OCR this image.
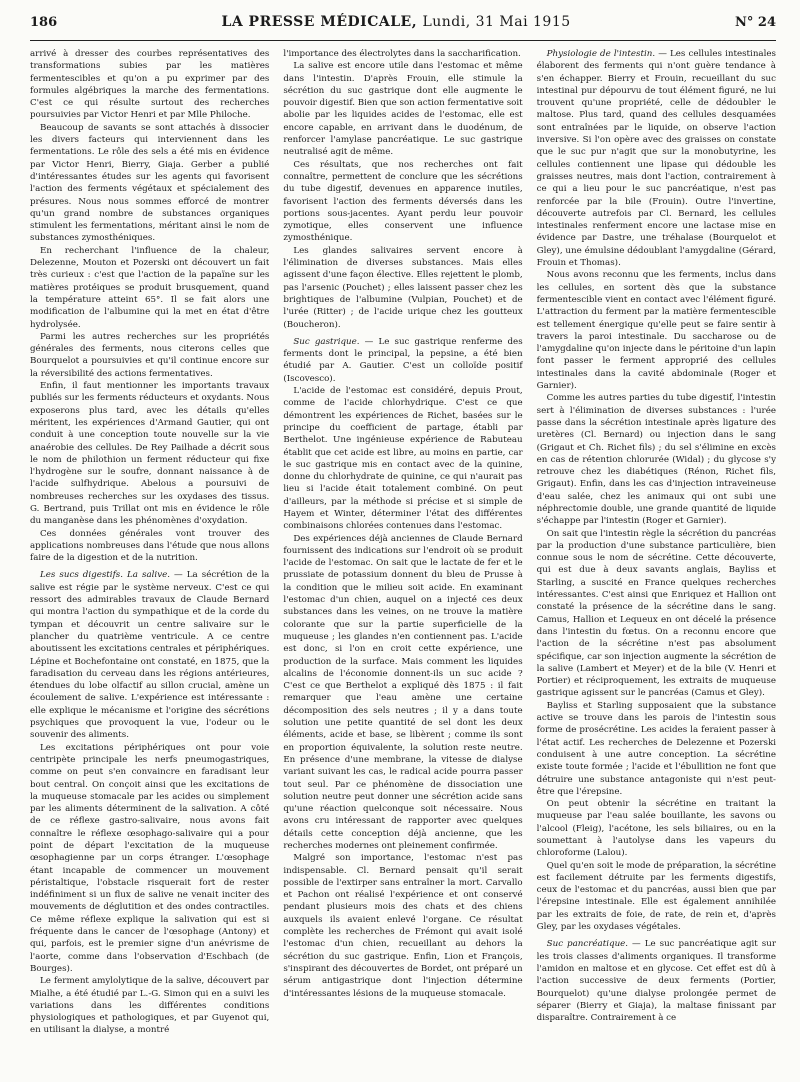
186	LA PRESSE MÉDICALE, Lundi, 31 Mai 1915	N° 24

arrivé à dresser des courbes représentatives des transformations subies par les matières fermentescibles et qu'on a pu exprimer par des formules algébriques la marche des fermentations. C'est ce qui résulte surtout des recherches poursuivies par Victor Henri et par Mlle Philoche.

Beaucoup de savants se sont attachés à dissocier les divers facteurs qui interviennent dans les fermentations. Le rôle des sels a été mis en évidence par Victor Henri, Bierry, Giaja. Gerber a publié d'intéressantes études sur les agents qui favorisent l'action des ferments végétaux et spécialement des présures. Nous nous sommes efforcé de montrer qu'un grand nombre de substances organiques stimulent les fermentations, méritant ainsi le nom de substances zymosthéniques.

En recherchant l'influence de la chaleur, Delezenne, Mouton et Pozerski ont découvert un fait très curieux : c'est que l'action de la papaïne sur les matières protéiques se produit brusquement, quand la température atteint 65°. Il se fait alors une modification de l'albumine qui la met en état d'être hydrolysée.

Parmi les autres recherches sur les propriétés générales des ferments, nous citerons celles que Bourquelot a poursuivies et qu'il continue encore sur la réversibilité des actions fermentatives.

Enfin, il faut mentionner les importants travaux publiés sur les ferments réducteurs et oxydants. Nous exposerons plus tard, avec les détails qu'elles méritent, les expériences d'Armand Gautier, qui ont conduit à une conception toute nouvelle sur la vie anaérobie des cellules. De Rey Pailhade a décrit sous le nom de philothion un ferment réducteur qui fixe l'hydrogène sur le soufre, donnant naissance à de l'acide sulfhydrique. Abelous a poursuivi de nombreuses recherches sur les oxydases des tissus. G. Bertrand, puis Trillat ont mis en évidence le rôle du manganèse dans les phénomènes d'oxydation.

Ces données générales vont trouver des applications nombreuses dans l'étude que nous allons faire de la digestion et de la nutrition.

Les sucs digestifs. La salive. — La sécrétion de la salive est régie par le système nerveux. C'est ce qui ressort des admirables travaux de Claude Bernard qui montra l'action du sympathique et de la corde du tympan et découvrit un centre salivaire sur le plancher du quatrième ventricule. A ce centre aboutissent les excitations centrales et périphériques. Lépine et Bochefontaine ont constaté, en 1875, que la faradisation du cerveau dans les régions antérieures, étendues du lobe olfactif au sillon crucial, amène un écoulement de salive. L'expérience est intéressante : elle explique le mécanisme et l'origine des sécrétions psychiques que provoquent la vue, l'odeur ou le souvenir des aliments.

Les excitations périphériques ont pour voie centripète principale les nerfs pneumogastriques, comme on peut s'en convaincre en faradisant leur bout central. On conçoit ainsi que les excitations de la muqueuse stomacale par les acides ou simplement par les aliments déterminent de la salivation. A côté de ce réflexe gastro-salivaire, nous avons fait connaître le réflexe œsophago-salivaire qui a pour point de départ l'excitation de la muqueuse œsophagienne par un corps étranger. L'œsophage étant incapable de commencer un mouvement péristaltique, l'obstacle risquerait fort de rester indéfiniment si un flux de salive ne venait inciter des mouvements de déglutition et des ondes contractiles. Ce même réflexe explique la salivation qui est si fréquente dans le cancer de l'œsophage (Antony) et qui, parfois, est le premier signe d'un anévrisme de l'aorte, comme dans l'observation d'Eschbach (de Bourges).

Le ferment amylolytique de la salive, découvert par Mialhe, a été étudié par L.-G. Simon qui en a suivi les variations dans les différentes conditions physiologiques et pathologiques, et par Guyenot qui, en utilisant la dialyse, a montré

l'importance des électrolytes dans la saccharification.

La salive est encore utile dans l'estomac et même dans l'intestin. D'après Frouin, elle stimule la sécrétion du suc gastrique dont elle augmente le pouvoir digestif. Bien que son action fermentative soit abolie par les liquides acides de l'estomac, elle est encore capable, en arrivant dans le duodénum, de renforcer l'amylase pancréatique. Le suc gastrique neutralisé agit de même.

Ces résultats, que nos recherches ont fait connaître, permettent de conclure que les sécrétions du tube digestif, devenues en apparence inutiles, favorisent l'action des ferments déversés dans les portions sous-jacentes. Ayant perdu leur pouvoir zymotique, elles conservent une influence zymosthénique.

Les glandes salivaires servent encore à l'élimination de diverses substances. Mais elles agissent d'une façon élective. Elles rejettent le plomb, pas l'arsenic (Pouchet) ; elles laissent passer chez les brightiques de l'albumine (Vulpian, Pouchet) et de l'urée (Ritter) ; de l'acide urique chez les goutteux (Boucheron).

Suc gastrique. — Le suc gastrique renferme des ferments dont le principal, la pepsine, a été bien étudié par A. Gautier. C'est un colloïde positif (Iscovesco).

L'acide de l'estomac est considéré, depuis Prout, comme de l'acide chlorhydrique. C'est ce que démontrent les expériences de Richet, basées sur le principe du coefficient de partage, établi par Berthelot. Une ingénieuse expérience de Rabuteau établit que cet acide est libre, au moins en partie, car le suc gastrique mis en contact avec de la quinine, donne du chlorhydrate de quinine, ce qui n'aurait pas lieu si l'acide était totalement combiné. On peut d'ailleurs, par la méthode si précise et si simple de Hayem et Winter, déterminer l'état des différentes combinaisons chlorées contenues dans l'estomac.

Des expériences déjà anciennes de Claude Bernard fournissent des indications sur l'endroit où se produit l'acide de l'estomac. On sait que le lactate de fer et le prussiate de potassium donnent du bleu de Prusse à la condition que le milieu soit acide. En examinant l'estomac d'un chien, auquel on a injecté ces deux substances dans les veines, on ne trouve la matière colorante que sur la partie superficielle de la muqueuse ; les glandes n'en contiennent pas. L'acide est donc, si l'on en croit cette expérience, une production de la surface. Mais comment les liquides alcalins de l'économie donnent-ils un suc acide ? C'est ce que Berthelot a expliqué dès 1875 : il fait remarquer que l'eau amène une certaine décomposition des sels neutres ; il y a dans toute solution une petite quantité de sel dont les deux éléments, acide et base, se libèrent ; comme ils sont en proportion équivalente, la solution reste neutre. En présence d'une membrane, la vitesse de dialyse variant suivant les cas, le radical acide pourra passer tout seul. Par ce phénomène de dissociation une solution neutre peut donner une sécrétion acide sans qu'une réaction quelconque soit nécessaire. Nous avons cru intéressant de rapporter avec quelques détails cette conception déjà ancienne, que les recherches modernes ont pleinement confirmée.

Malgré son importance, l'estomac n'est pas indispensable. Cl. Bernard pensait qu'il serait possible de l'extirper sans entraîner la mort. Carvallo et Pachon ont réalisé l'expérience et ont conservé pendant plusieurs mois des chats et des chiens auxquels ils avaient enlevé l'organe. Ce résultat complète les recherches de Frémont qui avait isolé l'estomac d'un chien, recueillant au dehors la sécrétion du suc gastrique. Enfin, Lion et François, s'inspirant des découvertes de Bordet, ont préparé un sérum antigastrique dont l'injection détermine d'intéressantes lésions de la muqueuse stomacale.

Physiologie de l'intestin. — Les cellules intestinales élaborent des ferments qui n'ont guère tendance à s'en échapper. Bierry et Frouin, recueillant du suc intestinal pur dépourvu de tout élément figuré, ne lui trouvent qu'une propriété, celle de dédoubler le maltose. Plus tard, quand des cellules desquamées sont entraînées par le liquide, on observe l'action inversive. Si l'on opère avec des graisses on constate que le suc pur n'agit que sur la monobutyrine, les cellules contiennent une lipase qui dédouble les graisses neutres, mais dont l'action, contrairement à ce qui a lieu pour le suc pancréatique, n'est pas renforcée par la bile (Frouin). Outre l'invertine, découverte autrefois par Cl. Bernard, les cellules intestinales renferment encore une lactase mise en évidence par Dastre, une tréhalase (Bourquelot et Gley), une émulsine dédoublant l'amygdaline (Gérard, Frouin et Thomas).

Nous avons reconnu que les ferments, inclus dans les cellules, en sortent dès que la substance fermentescible vient en contact avec l'élément figuré. L'attraction du ferment par la matière fermentescible est tellement énergique qu'elle peut se faire sentir à travers la paroi intestinale. Du saccharose ou de l'amygdaline qu'on injecte dans le péritoine d'un lapin font passer le ferment approprié des cellules intestinales dans la cavité abdominale (Roger et Garnier).

Comme les autres parties du tube digestif, l'intestin sert à l'élimination de diverses substances : l'urée passe dans la sécrétion intestinale après ligature des uretères (Cl. Bernard) ou injection dans le sang (Grigaut et Ch. Richet fils) ; du sel s'élimine en excès en cas de rétention chlorurée (Widal) ; du glycose s'y retrouve chez les diabétiques (Rénon, Richet fils, Grigaut). Enfin, dans les cas d'injection intraveineuse d'eau salée, chez les animaux qui ont subi une néphrectomie double, une grande quantité de liquide s'échappe par l'intestin (Roger et Garnier).

On sait que l'intestin règle la sécrétion du pancréas par la production d'une substance particulière, bien connue sous le nom de sécrétine. Cette découverte, qui est due à deux savants anglais, Bayliss et Starling, a suscité en France quelques recherches intéressantes. C'est ainsi que Enriquez et Hallion ont constaté la présence de la sécrétine dans le sang. Camus, Hallion et Lequeux en ont décelé la présence dans l'intestin du fœtus. On a reconnu encore que l'action de la sécrétine n'est pas absolument spécifique, car son injection augmente la sécrétion de la salive (Lambert et Meyer) et de la bile (V. Henri et Portier) et réciproquement, les extraits de muqueuse gastrique agissent sur le pancréas (Camus et Gley).

Bayliss et Starling supposaient que la substance active se trouve dans les parois de l'intestin sous forme de prosécrétine. Les acides la feraient passer à l'état actif. Les recherches de Delezenne et Pozerski conduisent à une autre conception. La sécrétine existe toute formée ; l'acide et l'ébullition ne font que détruire une substance antagoniste qui n'est peut-être que l'érepsine.

On peut obtenir la sécrétine en traitant la muqueuse par l'eau salée bouillante, les savons ou l'alcool (Fleig), l'acétone, les sels biliaires, ou en la soumettant à l'autolyse dans les vapeurs du chloroforme (Lalou).

Quel qu'en soit le mode de préparation, la sécrétine est facilement détruite par les ferments digestifs, ceux de l'estomac et du pancréas, aussi bien que par l'érepsine intestinale. Elle est également annihilée par les extraits de foie, de rate, de rein et, d'après Gley, par les oxydases végétales.

Suc pancréatique. — Le suc pancréatique agit sur les trois classes d'aliments organiques. Il transforme l'amidon en maltose et en glycose. Cet effet est dû à l'action successive de deux ferments (Portier, Bourquelot) qu'une dialyse prolongée permet de séparer (Bierry et Giaja), la maltase finissant par disparaître. Contrairement à ce
